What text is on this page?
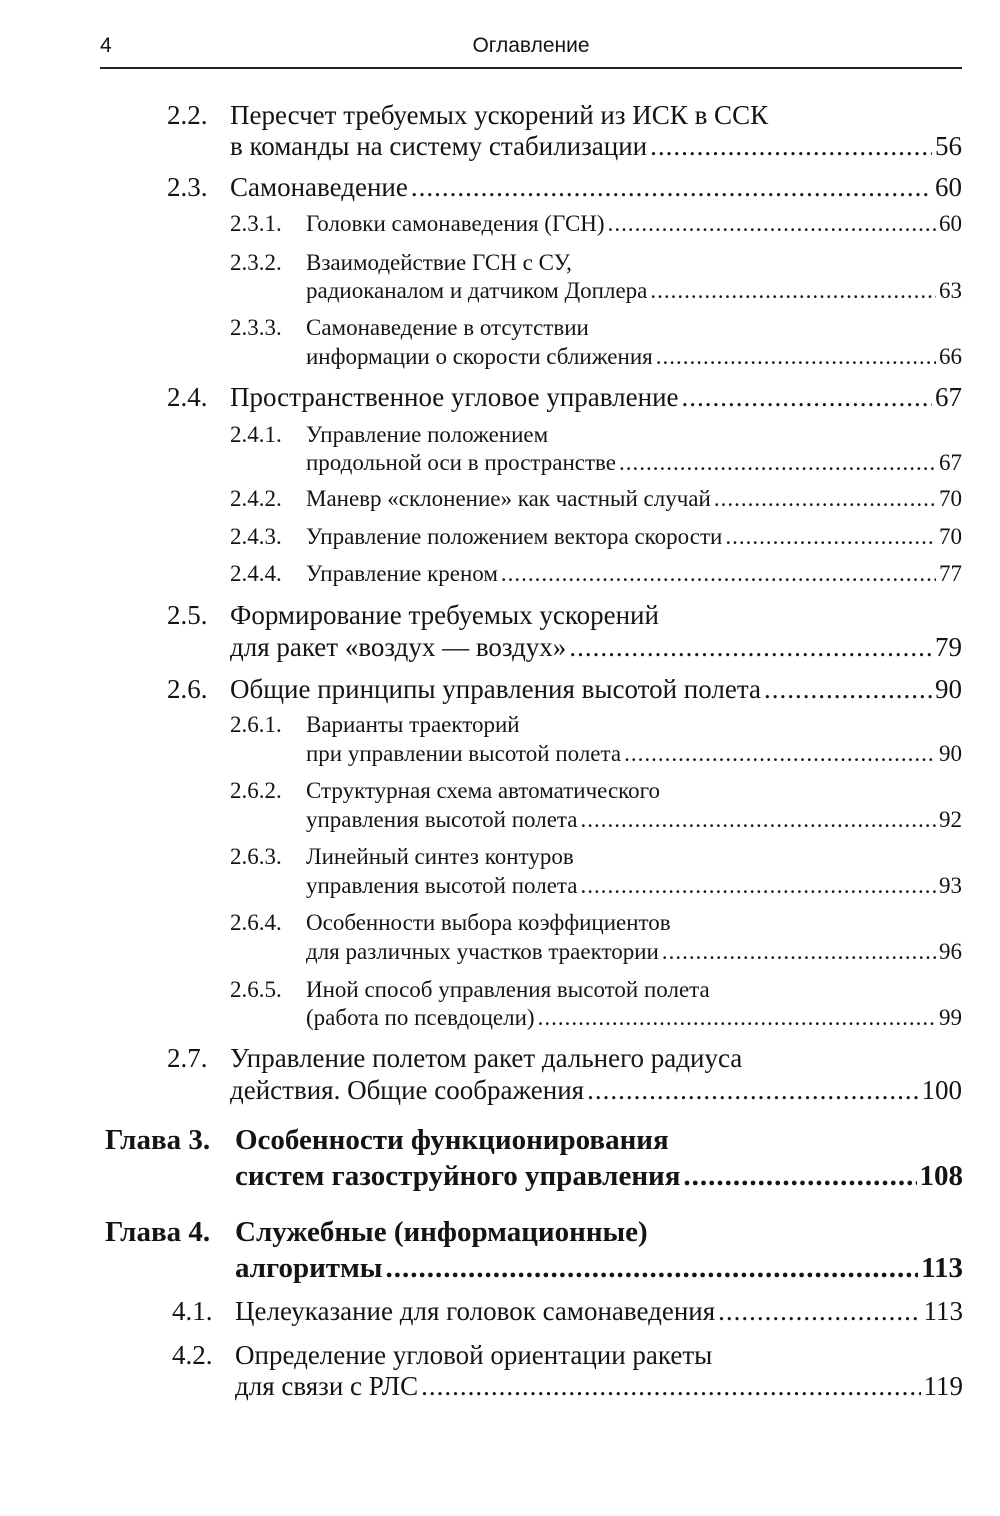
4	Оглавление
2.2. Пересчет требуемых ускорений из ИСК в ССК
в команды на систему стабилизации .....	56
2.3. Самонаведение .....	60
2.3.1. Головки самонаведения (ГСН) .....	60
2.3.2. Взаимодействие ГСН с СУ,
радиоканалом и датчиком Доплера .....	63
2.3.3. Самонаведение в отсутствии
информации о скорости сближения .....	66
2.4. Пространственное угловое управление .....	67
2.4.1. Управление положением
продольной оси в пространстве .....	67
2.4.2. Маневр «склонение» как частный случай .....	70
2.4.3. Управление положением вектора скорости .....	70
2.4.4. Управление креном .....	77
2.5. Формирование требуемых ускорений
для ракет «воздух — воздух» .....	79
2.6. Общие принципы управления высотой полета .....	90
2.6.1. Варианты траекторий
при управлении высотой полета .....	90
2.6.2. Структурная схема автоматического
управления высотой полета .....	92
2.6.3. Линейный синтез контуров
управления высотой полета .....	93
2.6.4. Особенности выбора коэффициентов
для различных участков траектории .....	96
2.6.5. Иной способ управления высотой полета
(работа по псевдоцели) .....	99
2.7. Управление полетом ракет дальнего радиуса
действия. Общие соображения .....	100
Глава 3. Особенности функционирования
систем газоструйного управления .....	108
Глава 4. Служебные (информационные)
алгоритмы .....	113
4.1. Целеуказание для головок самонаведения .....	113
4.2. Определение угловой ориентации ракеты
для связи с РЛС .....	119
